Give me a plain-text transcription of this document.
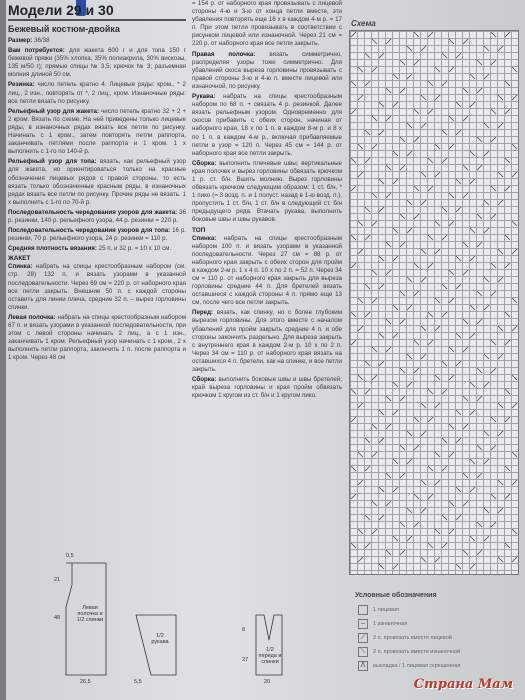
Модели 29 и 30
Бежевый костюм-двойка
Размер: 36/38
Вам потребуется: для жакета 600 г и для топа 150 г бежевой пряжи (35% хлопка, 35% полиакрила, 30% вискозы, 135 м/50 г); прямые спицы № 3,5; крючок № 3; разъемная молния длиной 50 см.
Резинка: число петель кратно 4. Лицевые ряды: кром., * 2 лиц., 2 изн., повторять от *, 2 лиц., кром. Изнаночные ряды: все петли вязать по рисунку.
Рельефный узор для жакета: число петель кратно 32 + 2 + 2 кром. Вязать по схеме. На ней приведены только лицевые ряды, в изнаночных рядах вязать все петли по рисунку. Начинать с 1 кром., затем повторять петли раппорта, заканчивать петлями после раппорта и 1 кром. 1 х выполнить с 1-го по 140-й р.
Рельефный узор для топа: вязать, как рельефный узор для жакета, но ориентироваться только на красные обозначения лицевых рядов с правой стороны, то есть вязать только обозначенные красным ряды, в изнаночных рядах вязать все петли по рисунку. Прочие ряды не вязать. 1 х выполнить с 1-го по 70-й р.
Последовательность чередования узоров для жакета: 36 р. резинки, 140 р. рельефного узора, 44 р. резинки = 220 р.
Последовательность чередования узоров для топа: 16 р. резинки, 70 р. рельефного узора, 24 р. резинки = 110 р.
Средняя плотность вязания: 25 п. и 32 р. = 10 х 10 см.
ЖАКЕТ
Спинка: набрать на спицы крестообразным набором (см. стр. 28) 132 п. и вязать узорами в указанной последовательности. Через 69 см = 220 р. от наборного края все петли закрыть. Внешние 50 п. с каждой стороны оставить для линии плеча, средние 32 п. – вырез горловины спинки.
Левая полочка: набрать на спицы крестообразным набором 67 п. и вязать узорами в указанной последовательности, при этом с левой стороны начинать 2 лиц., а с 1 изн., заканчивать 1 кром. Рельефный узор начинать с 1 кром., 2 х выполнить петли раппорта, закончить 1 п. после раппорта и 1 кром. Через 48 см
= 154 р. от наборного края провязывать с лицевой стороны 4-ю и 3-ю от конца петли вместе, эти убавления повторять еще 16 х в каждом 4-м р. = 17 п. При этом петли провязывать в соответствии с рисунком лицевой или изнаночной. Через 21 см = 220 р. от наборного края все петли закрыть.
Правая полочка: вязать симметрично, распределяя узоры тоже симметрично. Для убавлений скоса выреза горловины провязывать с правой стороны 3-ю и 4-ю п. вместе лицевой или изнаночной, по рисунку.
Рукава: набрать на спицы крестообразным набором по 68 п. + связать 4 р. резинкой. Далее вязать рельефным узором. Одновременно для скосов прибавить с обеих сторон, начиная от наборного края, 18 х по 1 п. в каждом 8-м р. и 8 х по 1 п. в каждом 4-м р., включая прибавляемые петли в узор = 120 п. Через 45 см = 144 р. от наборного края все петли закрыть.
Сборка: выполнить плечевые швы; вертикальные края полочек и вырез горловины обвязать крючком 1 р. ст. б/н. Вшить молнию. Вырез горловины обвязать крючком следующим образом: 1 ст. б/н, * 1 пико (= 3 возд. п. и 1 полуст. назад в 1-ю возд. п.), пропустить 1 ст. б/н, 1 ст. б/н в следующий ст. б/н предыдущего ряда. Втачать рукава, выполнить боковые швы и швы рукавов.
ТОП
Спинка: набрать на спицы крестообразным набором 100 п. и вязать узорами в указанной последовательности. Через 27 см = 88 р. от наборного края закрыть с обеих сторон для пройм в каждом 2-м р. 1 х 4 п. 10 х по 2 п. = 52 п. Через 34 см = 110 р. от наборного края закрыть для выреза горловины средние 44 п. Для бретелей вязать оставшиеся с каждой стороны 4 п. прямо еще 13 см, после чего все петли закрыть.
Перед: вязать, как спинку, но с более глубоким вырезом горловины. Для этого вместе с началом убавлений для пройм закрыть средние 4 п. и обе стороны закончить раздельно. Для выреза закрыть с внутреннего края в каждом 2-м р. 10 х по 2 п. Через 34 см = 110 р. от наборного края вязать на оставшихся 4 п. бретели, как на спинке, и все петли закрыть.
Сборка: выполнить боковые швы и швы бретелей; край выреза горловины и края пройм обвязать крючком 1 кругом из ст. б/н и 1 кругом пико.
Схема
Условные обозначения
1 лицевая
–	1 изнаночная
⟋	2 п. провязать вместе лицевой
⟍	2 п. провязать вместе изнаночной
Λ	выкладка / 1 лицевая скрещенная
0,5
Левая полочка и 1/2 спинки
1/2 рукава
1/2 переда и спинки
48
21
26,5	5,5
8
20
27
Страна Мам
